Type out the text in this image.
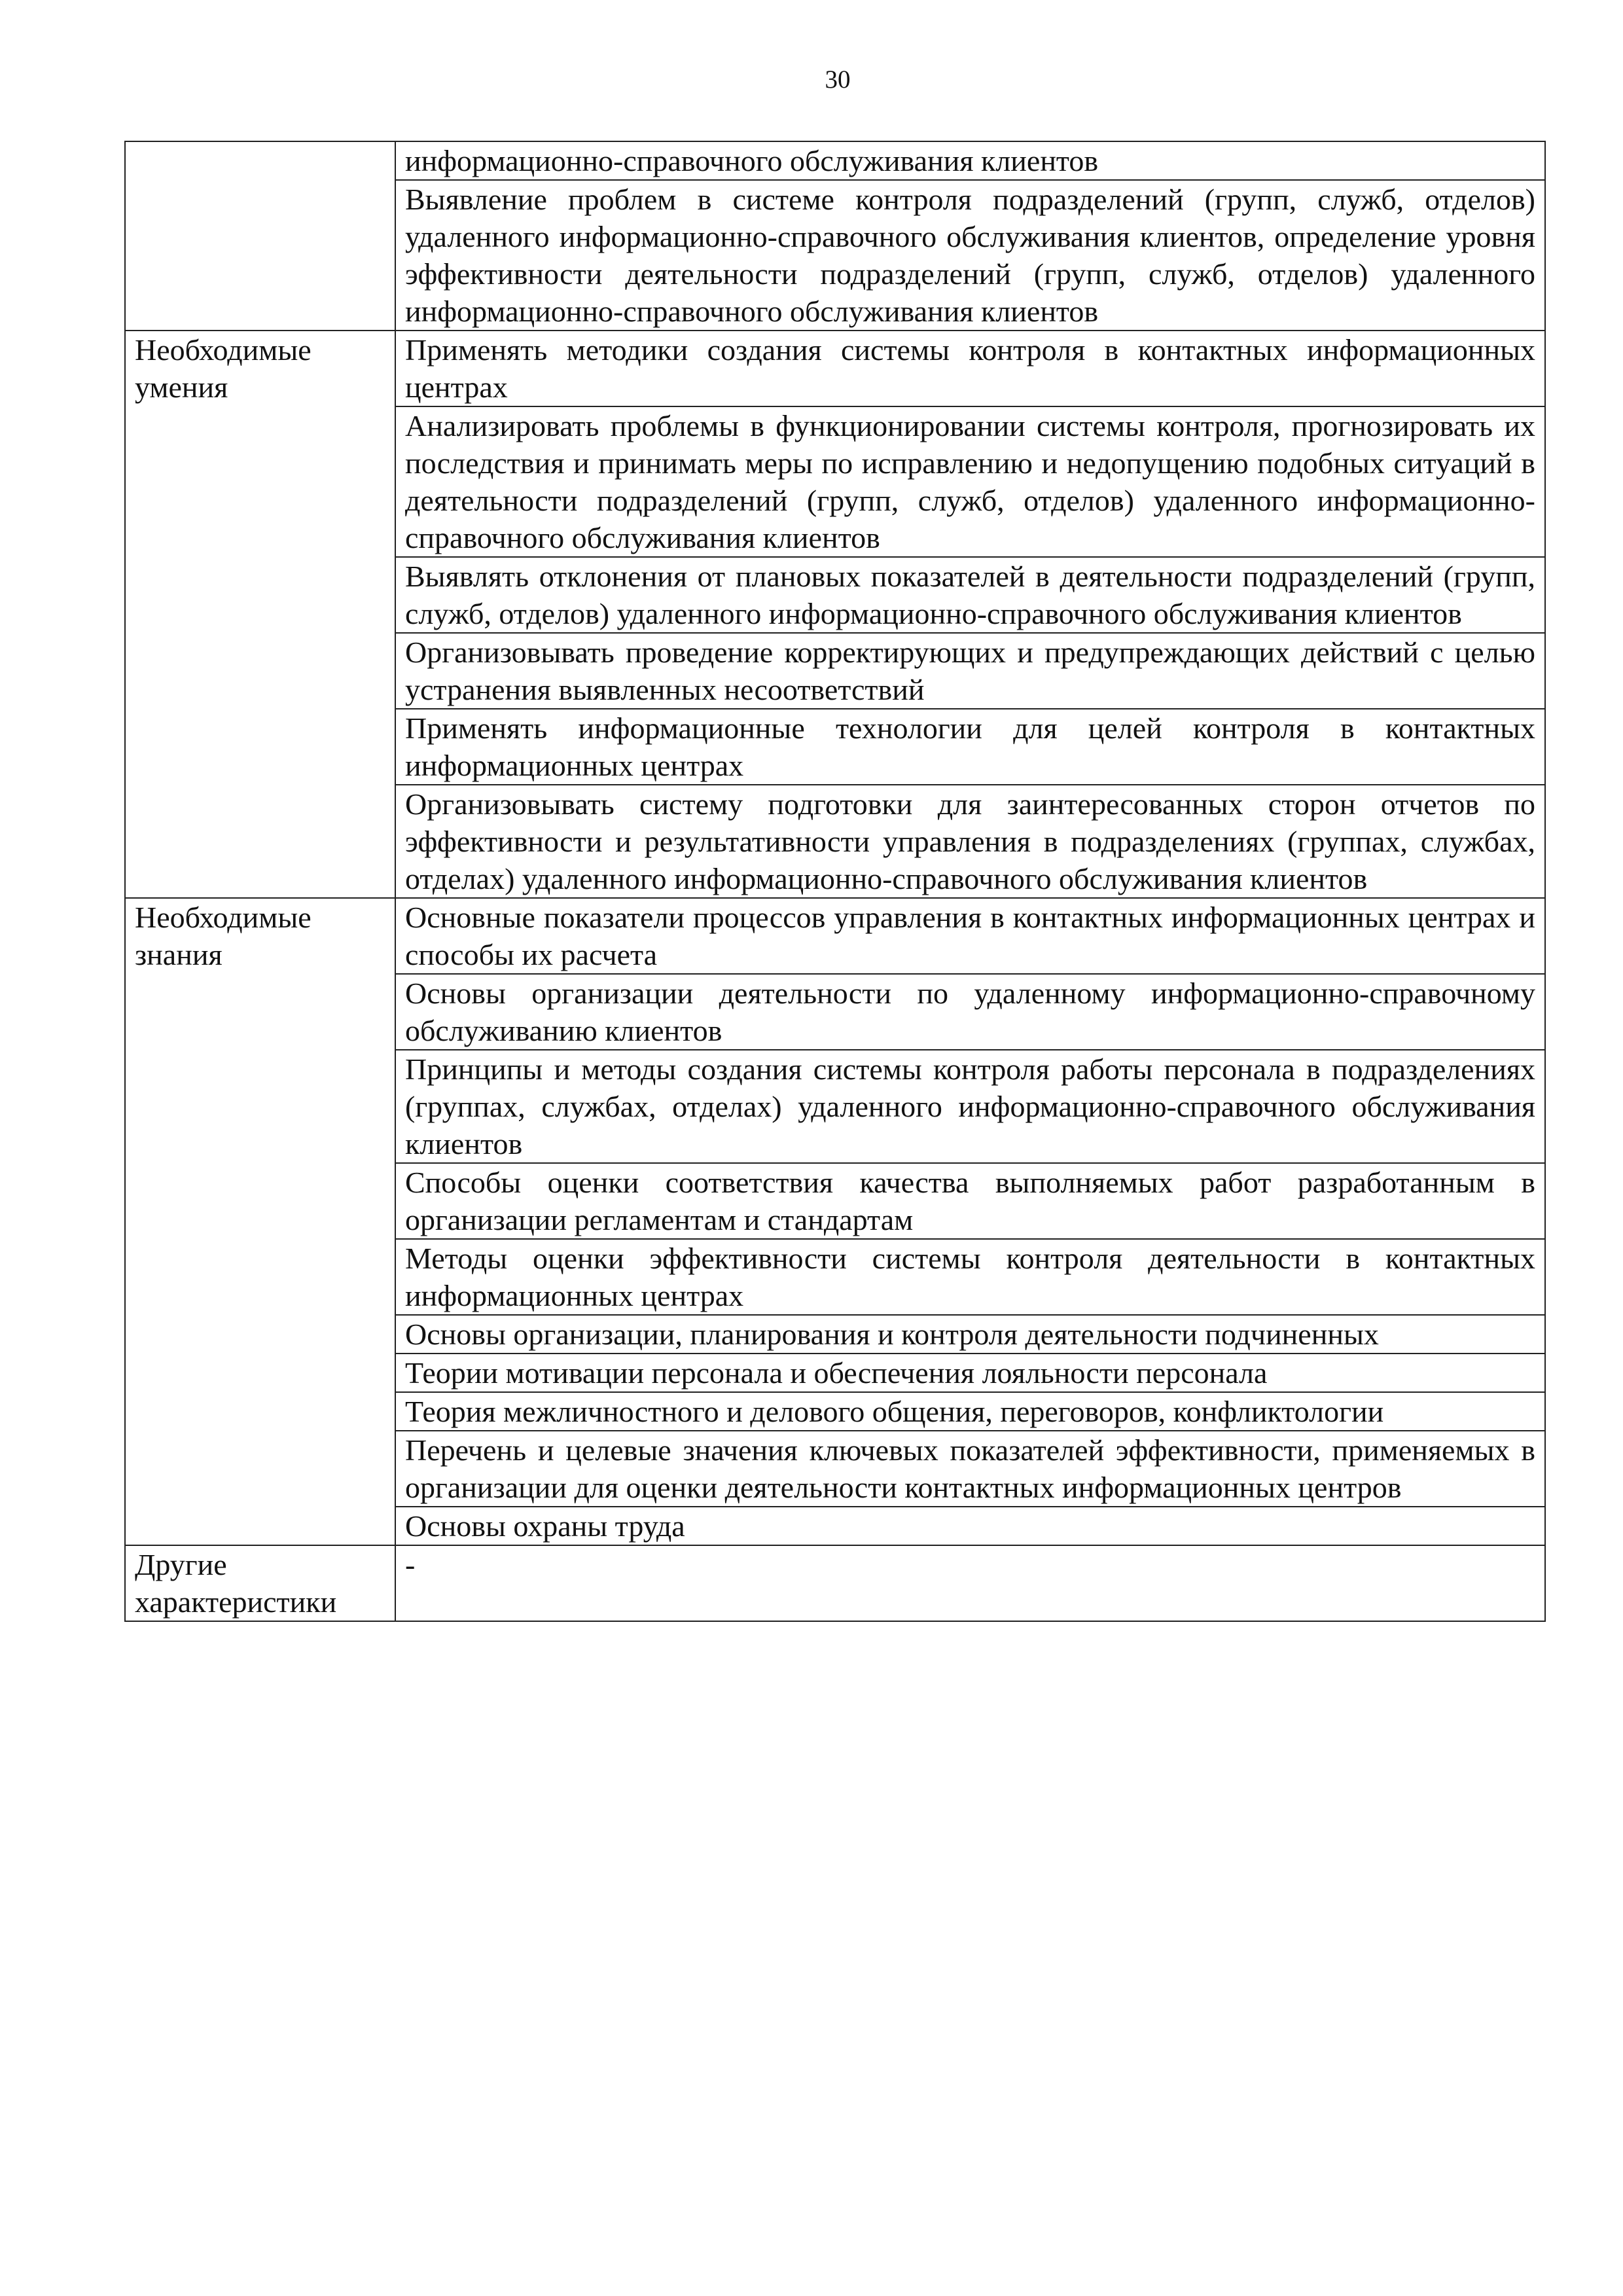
30
	информационно-справочного обслуживания клиентов
	Выявление проблем в системе контроля подразделений (групп, служб, отделов) удаленного информационно-справочного обслуживания клиентов, определение уровня эффективности деятельности подразделений (групп, служб, отделов) удаленного информационно-справочного обслуживания клиентов

Необходимые
умения	Применять методики создания системы контроля в контактных информационных центрах
	Анализировать проблемы в функционировании системы контроля, прогнозировать их последствия и принимать меры по исправлению и недопущению подобных ситуаций в деятельности подразделений (групп, служб, отделов) удаленного информационно-справочного обслуживания клиентов
	Выявлять отклонения от плановых показателей в деятельности подразделений (групп, служб, отделов) удаленного информационно-справочного обслуживания клиентов
	Организовывать проведение корректирующих и предупреждающих действий с целью устранения выявленных несоответствий
	Применять информационные технологии для целей контроля в контактных информационных центрах
	Организовывать систему подготовки для заинтересованных сторон отчетов по эффективности и результативности управления в подразделениях (группах, службах, отделах) удаленного информационно-справочного обслуживания клиентов

Необходимые
знания	Основные показатели процессов управления в контактных информационных центрах и способы их расчета
	Основы организации деятельности по удаленному информационно-справочному обслуживанию клиентов
	Принципы и методы создания системы контроля работы персонала в подразделениях (группах, службах, отделах) удаленного информационно-справочного обслуживания клиентов
	Способы оценки соответствия качества выполняемых работ разработанным в организации регламентам и стандартам
	Методы оценки эффективности системы контроля деятельности в контактных информационных центрах
	Основы организации, планирования и контроля деятельности подчиненных
	Теории мотивации персонала и обеспечения лояльности персонала
	Теория межличностного и делового общения, переговоров, конфликтологии
	Перечень и целевые значения ключевых показателей эффективности, применяемых в организации для оценки деятельности контактных информационных центров
	Основы охраны труда

Другие
характеристики	-
